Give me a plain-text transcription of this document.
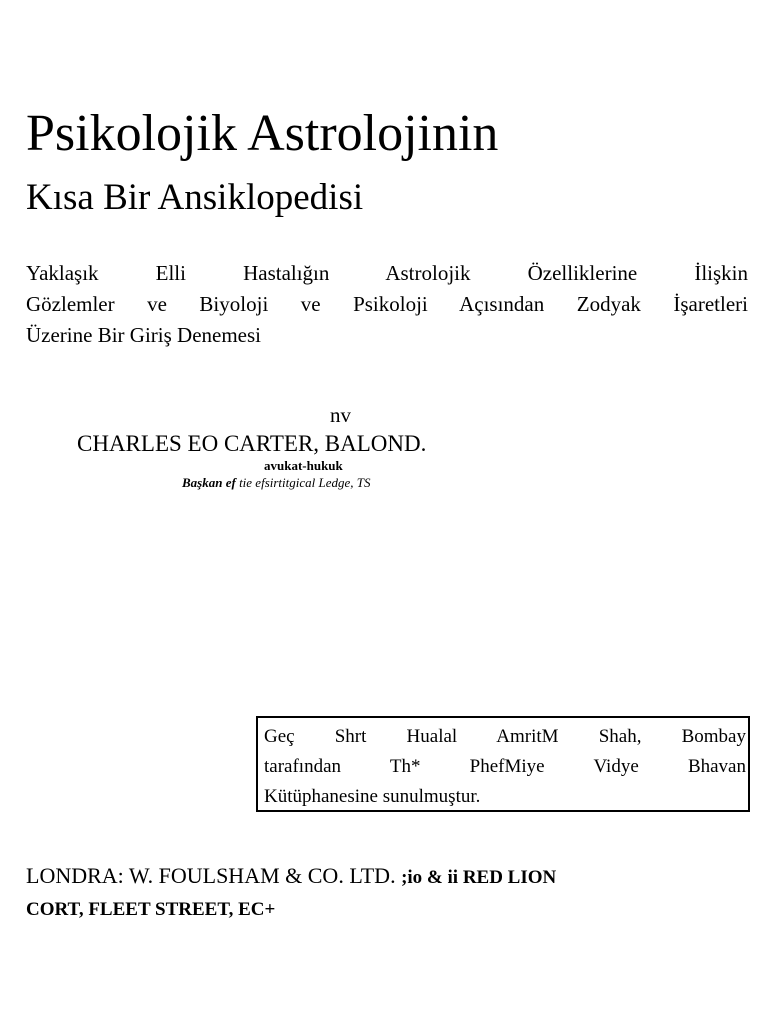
Psikolojik Astrolojinin
Kısa Bir Ansiklopedisi
Yaklaşık Elli Hastalığın Astrolojik Özelliklerine İlişkin
Gözlemler ve Biyoloji ve Psikoloji Açısından Zodyak İşaretleri
Üzerine Bir Giriş Denemesi
nv
CHARLES EO CARTER, BALOND.
avukat-hukuk
Başkan ef tie efsirtitgical Ledge, TS
Geç Shrt Hualal AmritM Shah, Bombay
tarafından Th* PhefMiye Vidye Bhavan
Kütüphanesine sunulmuştur.
LONDRA: W. FOULSHAM & CO. LTD. ;io & ii RED LION
CORT, FLEET STREET, EC+
